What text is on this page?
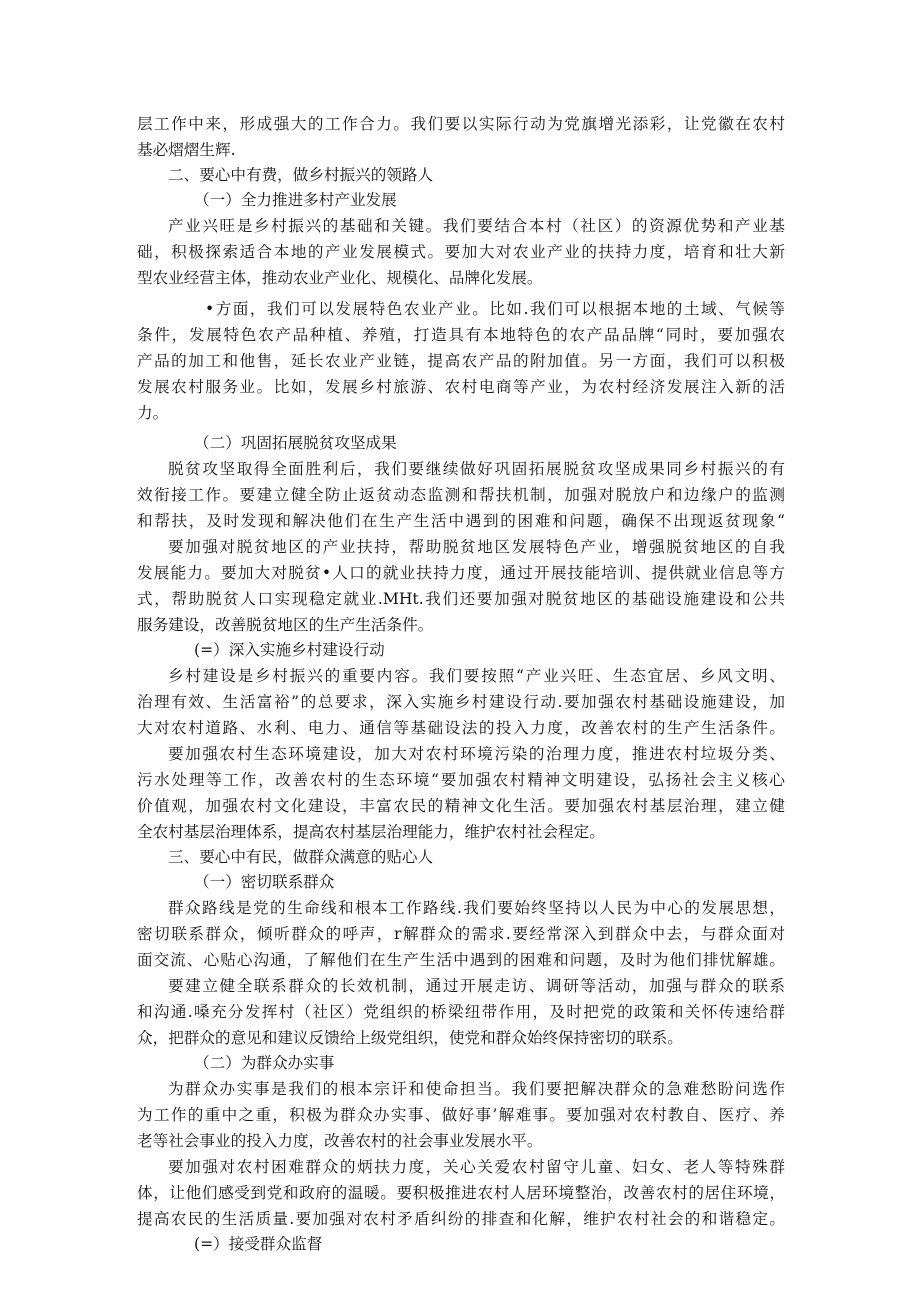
层工作中来，形成强大的工作合力。我们要以实际行动为党旗增光添彩，让党徽在农村
基必熠熠生辉.
二、要心中有费，做乡村振兴的领路人
（一）全力推进多村产业发展
产业兴旺是乡村振兴的基础和关键。我们要结合本村（社区）的资源优势和产业基
础，积极探索适合本地的产业发展模式。要加大对农业产业的扶持力度，培育和壮大新
型农业经营主体，推动农业产业化、规模化、品牌化发展。
•方面，我们可以发展特色农业产业。比如.我们可以根据本地的土域、气候等
条件，发展特色农产品种植、养殖，打造具有本地特色的农产品品牌“同时，要加强农
产品的加工和他售，延长农业产业链，提高农产品的附加值。另一方面，我们可以积极
发展农村服务业。比如，发展乡村旅游、农村电商等产业，为农村经济发展注入新的活
力。
（二）巩固拓展脱贫攻坚成果
脱贫攻坚取得全面胜利后，我们要继续做好巩固拓展脱贫攻坚成果同乡村振兴的有
效衔接工作。要建立健全防止返贫动态监测和帮扶机制，加强对脱放户和边缘户的监测
和帮扶，及时发现和解决他们在生产生活中遇到的困难和问题，确保不出现返贫现象“
要加强对脱贫地区的产业扶持，帮助脱贫地区发展特色产业，增强脱贫地区的自我
发展能力。要加大对脱贫•人口的就业扶持力度，通过开展技能培训、提供就业信息等方
式，帮助脱贫人口实现稳定就业.MHt.我们还要加强对脱贫地区的基础设施建设和公共
服务建设，改善脱贫地区的生产生活条件。
(=）深入实施乡村建设行动
乡村建设是乡村振兴的重要内容。我们要按照“产业兴旺、生态宜居、乡风文明、
治理有效、生活富裕”的总要求，深入实施乡村建设行动.要加强农村基础设施建设，加
大对农村道路、水利、电力、通信等基础设法的投入力度，改善农村的生产生活条件。
要加强农村生态环境建设，加大对农村环境污染的治理力度，推进农村垃圾分类、
污水处理等工作，改善农村的生态环境“要加强农村精神文明建设，弘扬社会主义核心
价值观，加强农村文化建设，丰富农民的精神文化生活。要加强农村基层治理，建立健
全农村基层治理体系，提高农村基层治理能力，维护农村社会程定。
三、要心中有民，做群众满意的贴心人
（一）密切联系群众
群众路线是党的生命线和根本工作路线.我们要始终坚持以人民为中心的发展思想，
密切联系群众，倾听群众的呼声，r解群众的需求.要经常深入到群众中去，与群众面对
面交流、心贴心沟通，了解他们在生产生活中遇到的困难和问题，及时为他们排忧解雄。
要建立健全联系群众的长效机制，通过开展走访、调研等活动，加强与群众的联系
和沟通.嗓充分发挥村（社区）党组织的桥梁纽带作用，及时把党的政策和关怀传速给群
众，把群众的意见和建议反馈给上级党组织，使党和群众始终保持密切的联系。
（二）为群众办实事
为群众办实事是我们的根本宗讦和使命担当。我们要把解决群众的急难愁盼问选作
为工作的重中之重，积极为群众办实事、做好事’解难事。要加强对农村教自、医疗、养
老等社会事业的投入力度，改善农村的社会事业发展水平。
要加强对农村困难群众的炳扶力度，关心关爱农村留守儿童、妇女、老人等特殊群
体，让他们感受到党和政府的温暖。要积极推进农村人居环境整治，改善农村的居住环境，
提高农民的生活质量.要加强对农村矛盾纠纷的排查和化解，维护农村社会的和谐稳定。
(=）接受群众监督
